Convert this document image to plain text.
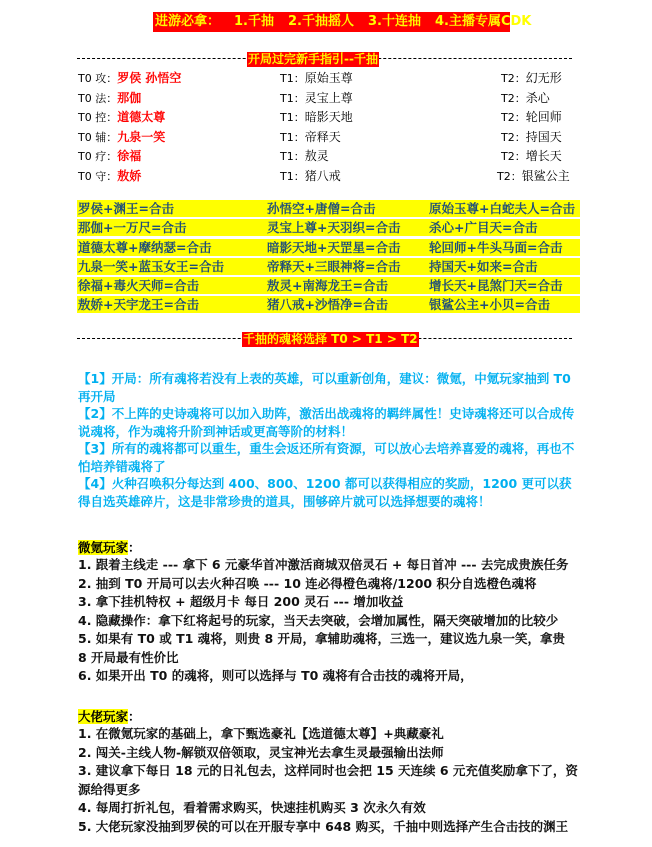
进游必拿： 1.千抽 2.千抽摇人 3.十连抽 4.主播专属CDK
开局过完新手指引--千抽
T0 攻：罗侯 孙悟空	T1：原始玉尊	T2：幻无形
T0 法：那伽	T1：灵宝上尊	T2：杀心
T0 控：道德太尊	T1：暗影天地	T2：轮回师
T0 辅：九泉一笑	T1：帝释天	T2：持国天
T0 疗：徐福	T1：敖灵	T2：增长天
T0 守：敖娇	T1：猪八戒	T2：银鲨公主
罗侯+渊王=合击	孙悟空+唐僧=合击	原始玉尊+白蛇夫人=合击
那伽+一万尺=合击	灵宝上尊+天羽织=合击 杀心+广目天=合击
道德太尊+摩纳瑟=合击	暗影天地+天罡星=合击 轮回师+牛头马面=合击
九泉一笑+蓝玉女王=合击	帝释天+三眼神将=合击 持国天+如来=合击
徐福+毒火天师=合击	敖灵+南海龙王=合击	增长天+昆煞门天=合击
敖娇+天宇龙王=合击	猪八戒+沙悟净=合击	银鲨公主+小贝=合击
千抽的魂将选择 T0 > T1 > T2

【1】开局：所有魂将若没有上表的英雄，可以重新创角，建议：微氪，中氪玩家抽到 T0 再开局

【2】不上阵的史诗魂将可以加入助阵，激活出战魂将的羁绊属性！史诗魂将还可以合成传说魂将，作为魂将升阶到神话或更高等阶的材料！

【3】所有的魂将都可以重生，重生会返还所有资源，可以放心去培养喜爱的魂将，再也不怕培养错魂将了

【4】火种召唤积分每达到 400、800、1200 都可以获得相应的奖励，1200 更可以获得自选英雄碎片，这是非常珍贵的道具，围够碎片就可以选择想要的魂将！

微氪玩家：

1. 跟着主线走 --- 拿下 6 元豪华首冲激活商城双倍灵石 + 每日首冲 --- 去完成贵族任务

2. 抽到 T0 开局可以去火种召唤 --- 10 连必得橙色魂将/1200 积分自选橙色魂将

3. 拿下挂机特权 + 超级月卡 每日 200 灵石 --- 增加收益

4. 隐藏操作：拿下红将起号的玩家，当天去突破，会增加属性，隔天突破增加的比较少

5. 如果有 T0 或 T1 魂将，则贵 8 开局，拿辅助魂将，三选一，建议选九泉一笑，拿贵 8 开局最有性价比

6. 如果开出 T0 的魂将，则可以选择与 T0 魂将有合击技的魂将开局，

大佬玩家：

1. 在微氪玩家的基础上，拿下甄选豪礼【选道德太尊】+典藏豪礼

2. 闯关-主线人物-解锁双倍领取，灵宝神光去拿生灵最强输出法师

3. 建议拿下每日 18 元的日礼包去，这样同时也会把 15 天连续 6 元充值奖励拿下了，资源给得更多

4. 每周打折礼包，看着需求购买，快速挂机购买 3 次永久有效

5. 大佬玩家没抽到罗侯的可以在开服专享中 648 购买，千抽中则选择产生合击技的渊王
